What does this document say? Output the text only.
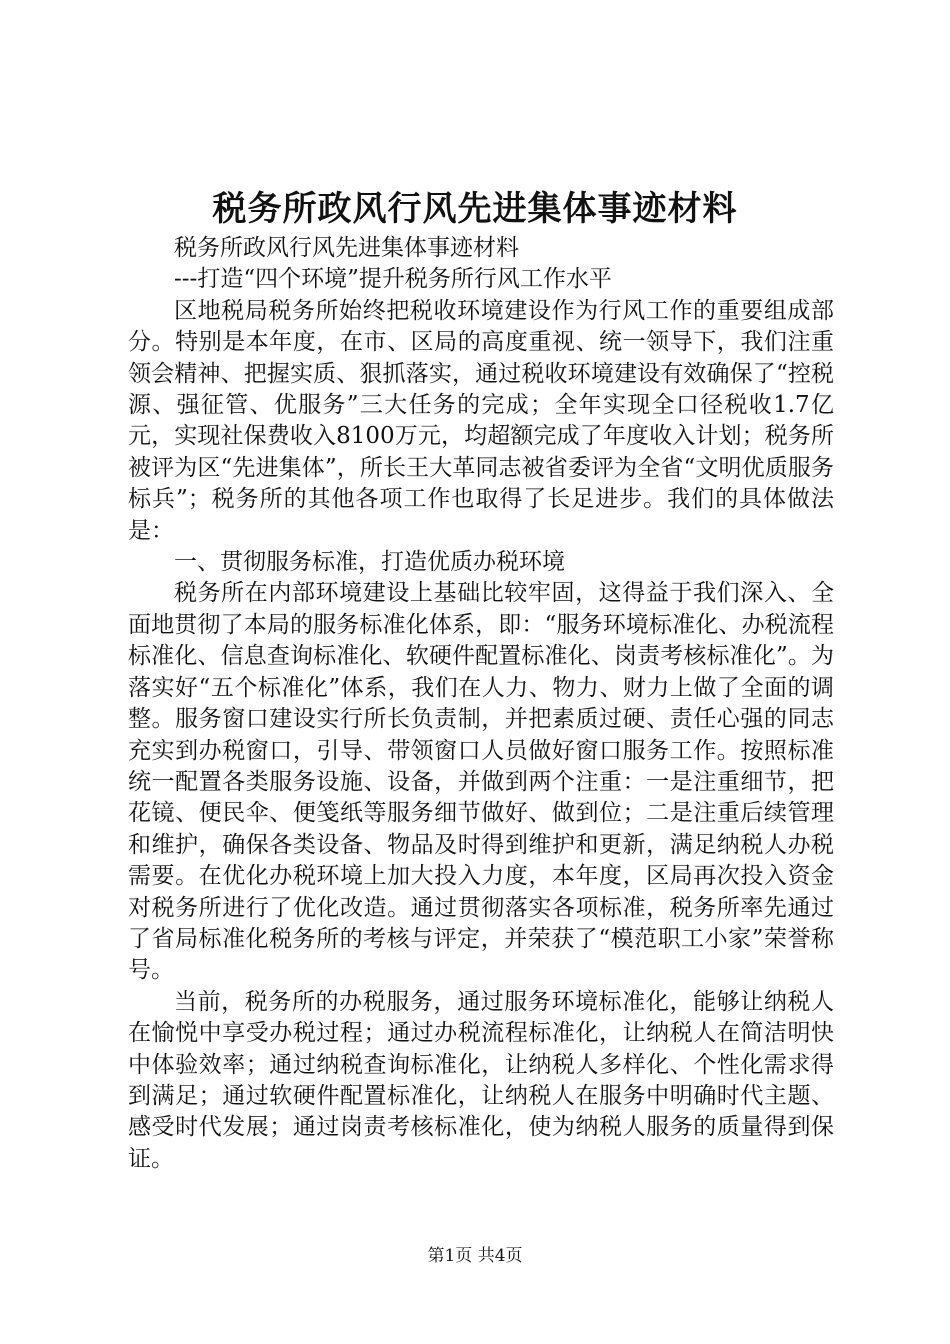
税务所政风行风先进集体事迹材料

税务所政风行风先进集体事迹材料

---打造“四个环境”提升税务所行风工作水平

区地税局税务所始终把税收环境建设作为行风工作的重要组成部分。特别是本年度，在市、区局的高度重视、统一领导下，我们注重领会精神、把握实质、狠抓落实，通过税收环境建设有效确保了“控税源、强征管、优服务”三大任务的完成；全年实现全口径税收1.7亿元，实现社保费收入8100万元，均超额完成了年度收入计划；税务所被评为区“先进集体”，所长王大革同志被省委评为全省“文明优质服务标兵”；税务所的其他各项工作也取得了长足进步。我们的具体做法是：

一、贯彻服务标准，打造优质办税环境

税务所在内部环境建设上基础比较牢固，这得益于我们深入、全面地贯彻了本局的服务标准化体系，即：“服务环境标准化、办税流程标准化、信息查询标准化、软硬件配置标准化、岗责考核标准化”。为落实好“五个标准化”体系，我们在人力、物力、财力上做了全面的调整。服务窗口建设实行所长负责制，并把素质过硬、责任心强的同志充实到办税窗口，引导、带领窗口人员做好窗口服务工作。按照标准统一配置各类服务设施、设备，并做到两个注重：一是注重细节，把花镜、便民伞、便笺纸等服务细节做好、做到位；二是注重后续管理和维护，确保各类设备、物品及时得到维护和更新，满足纳税人办税需要。在优化办税环境上加大投入力度，本年度，区局再次投入资金对税务所进行了优化改造。通过贯彻落实各项标准，税务所率先通过了省局标准化税务所的考核与评定，并荣获了“模范职工小家”荣誉称号。

当前，税务所的办税服务，通过服务环境标准化，能够让纳税人在愉悦中享受办税过程；通过办税流程标准化，让纳税人在简洁明快中体验效率；通过纳税查询标准化，让纳税人多样化、个性化需求得到满足；通过软硬件配置标准化，让纳税人在服务中明确时代主题、感受时代发展；通过岗责考核标准化，使为纳税人服务的质量得到保证。

第1页 共4页
